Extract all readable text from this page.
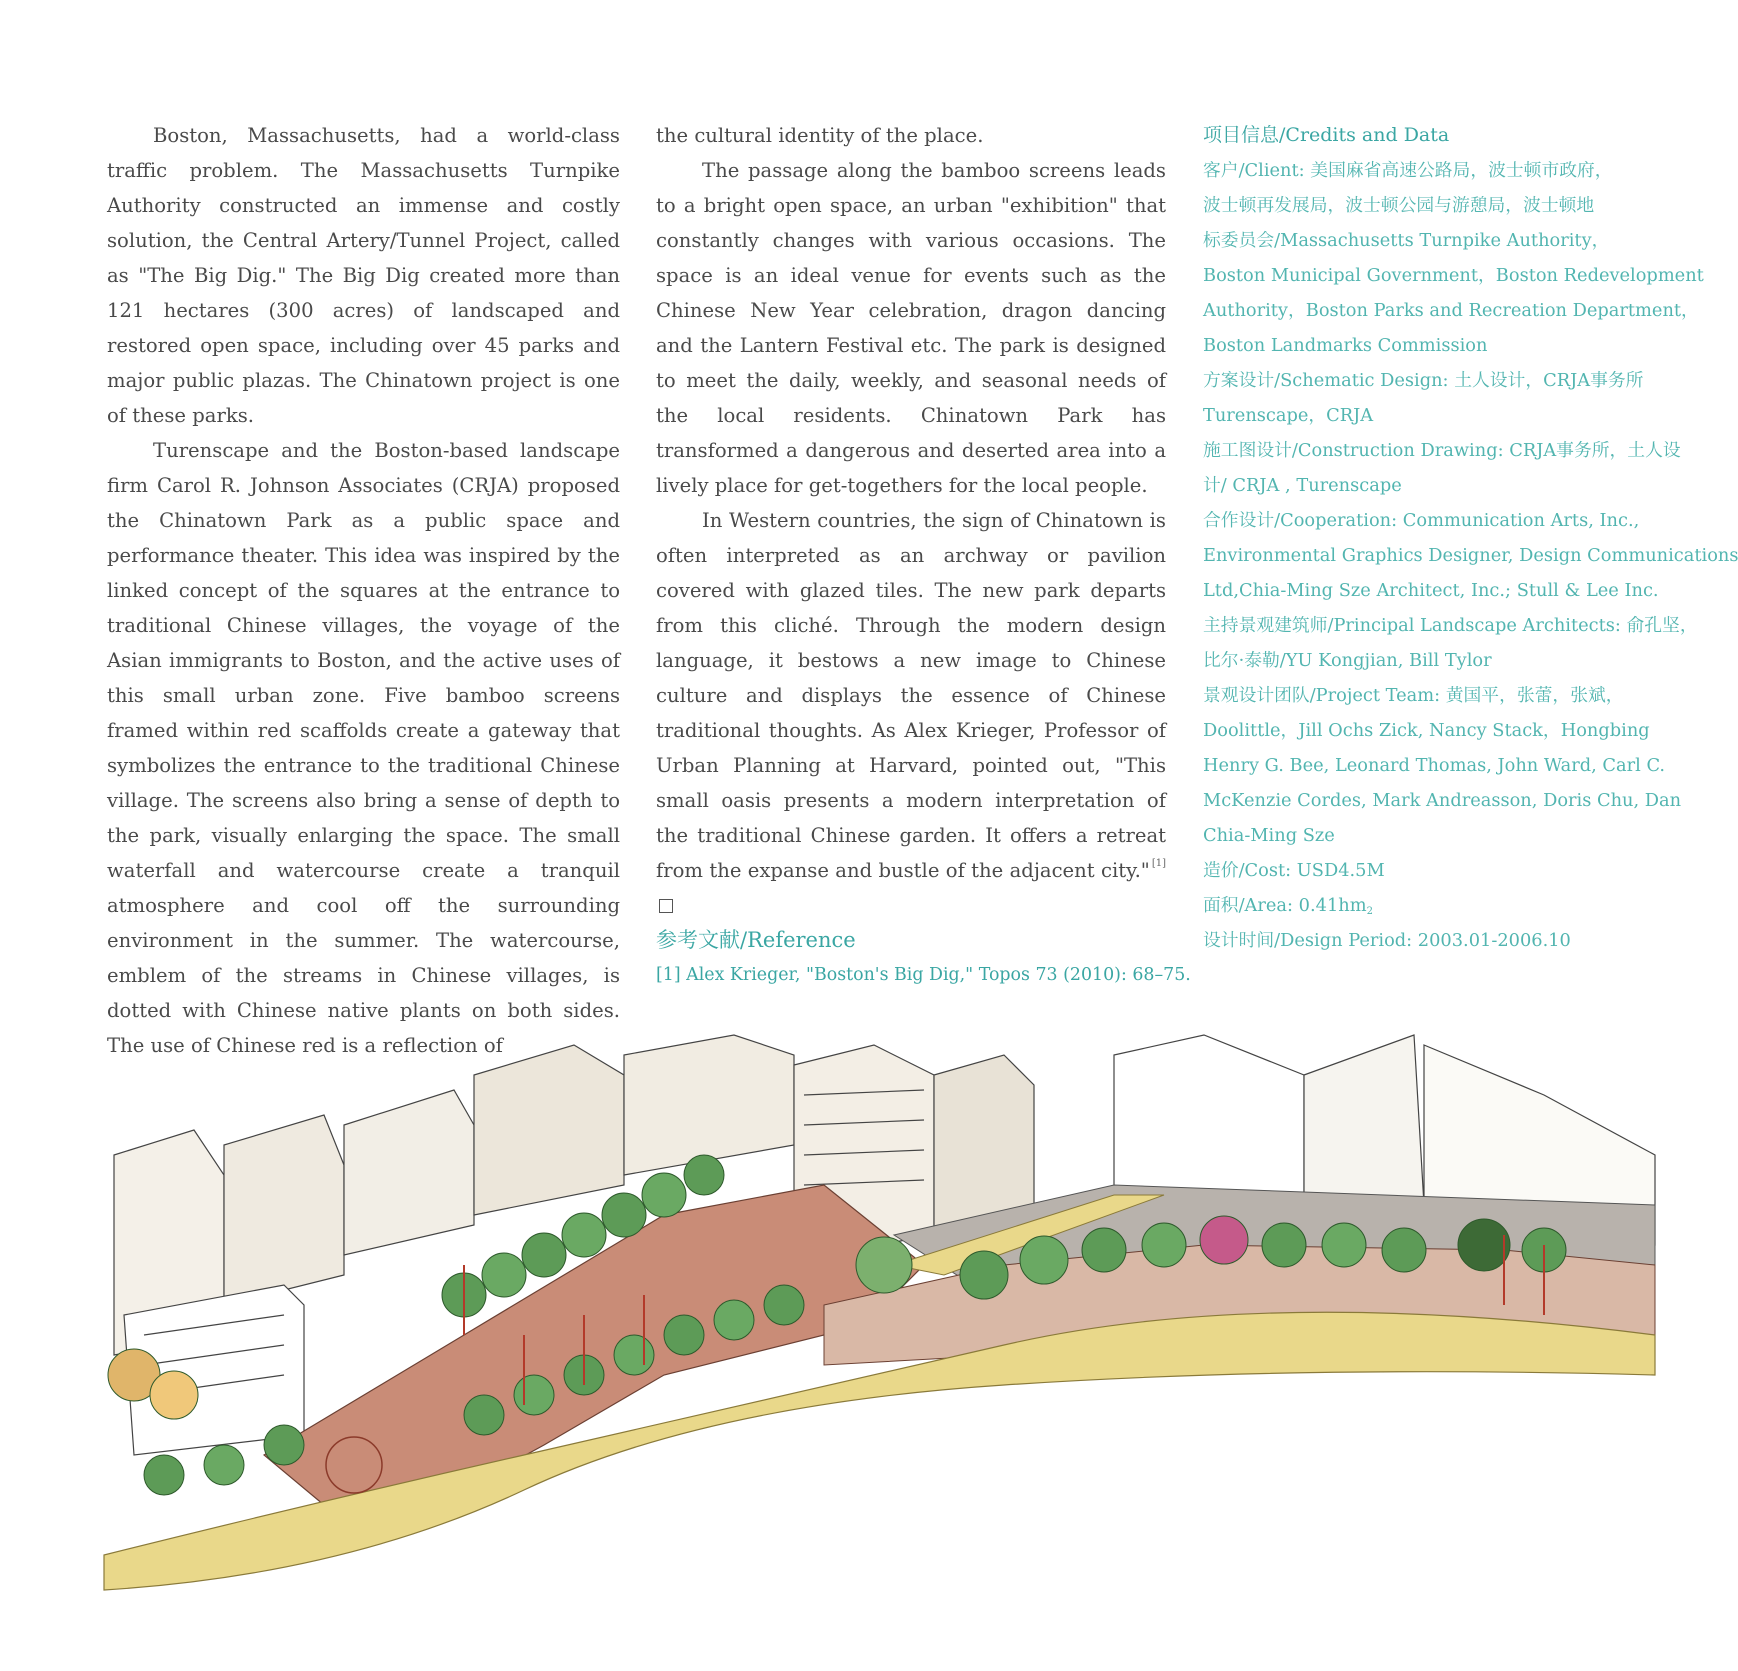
Boston, Massachusetts, had a world-class traffic problem. The Massachusetts Turnpike Authority constructed an immense and costly solution, the Central Artery/Tunnel Project, called as "The Big Dig." The Big Dig created more than 121 hectares (300 acres) of landscaped and restored open space, including over 45 parks and major public plazas. The Chinatown project is one of these parks.

Turenscape and the Boston-based landscape firm Carol R. Johnson Associates (CRJA) proposed the Chinatown Park as a public space and performance theater. This idea was inspired by the linked concept of the squares at the entrance to traditional Chinese villages, the voyage of the Asian immigrants to Boston, and the active uses of this small urban zone. Five bamboo screens framed within red scaffolds create a gateway that symbolizes the entrance to the traditional Chinese village. The screens also bring a sense of depth to the park, visually enlarging the space. The small waterfall and watercourse create a tranquil atmosphere and cool off the surrounding environment in the summer. The watercourse, emblem of the streams in Chinese villages, is dotted with Chinese native plants on both sides. The use of Chinese red is a reflection of

the cultural identity of the place.

The passage along the bamboo screens leads to a bright open space, an urban "exhibition" that constantly changes with various occasions. The space is an ideal venue for events such as the Chinese New Year celebration, dragon dancing and the Lantern Festival etc. The park is designed to meet the daily, weekly, and seasonal needs of the local residents. Chinatown Park has transformed a dangerous and deserted area into a lively place for get-togethers for the local people.

In Western countries, the sign of Chinatown is often interpreted as an archway or pavilion covered with glazed tiles. The new park departs from this cliché. Through the modern design language, it bestows a new image to Chinese culture and displays the essence of Chinese traditional thoughts. As Alex Krieger, Professor of Urban Planning at Harvard, pointed out, "This small oasis presents a modern interpretation of the traditional Chinese garden. It offers a retreat from the expanse and bustle of the adjacent city." [1]

参考文献/Reference

[1] Alex Krieger, "Boston's Big Dig," Topos 73 (2010): 68–75.

项目信息/Credits and Data

客户/Client: 美国麻省高速公路局，波士顿市政府，

波士顿再发展局，波士顿公园与游憩局，波士顿地

标委员会/Massachusetts Turnpike Authority，

Boston Municipal Government，Boston Redevelopment

Authority，Boston Parks and Recreation Department，

Boston Landmarks Commission

方案设计/Schematic Design: 土人设计，CRJA事务所

Turenscape，CRJA

施工图设计/Construction Drawing: CRJA事务所，土人设

计/ CRJA , Turenscape

合作设计/Cooperation: Communication Arts, Inc.,

Environmental Graphics Designer, Design Communications

Ltd,Chia-Ming Sze Architect, Inc.; Stull & Lee Inc.

主持景观建筑师/Principal Landscape Architects: 俞孔坚，

比尔·泰勒/YU Kongjian, Bill Tylor

景观设计团队/Project Team: 黄国平，张蕾，张斌，

Doolittle，Jill Ochs Zick, Nancy Stack，Hongbing

Henry G. Bee, Leonard Thomas, John Ward, Carl C.

McKenzie Cordes, Mark Andreasson, Doris Chu, Dan

Chia-Ming Sze

造价/Cost: USD4.5M

面积/Area: $0.41hm^2$

设计时间/Design Period: 2003.01-2006.10
